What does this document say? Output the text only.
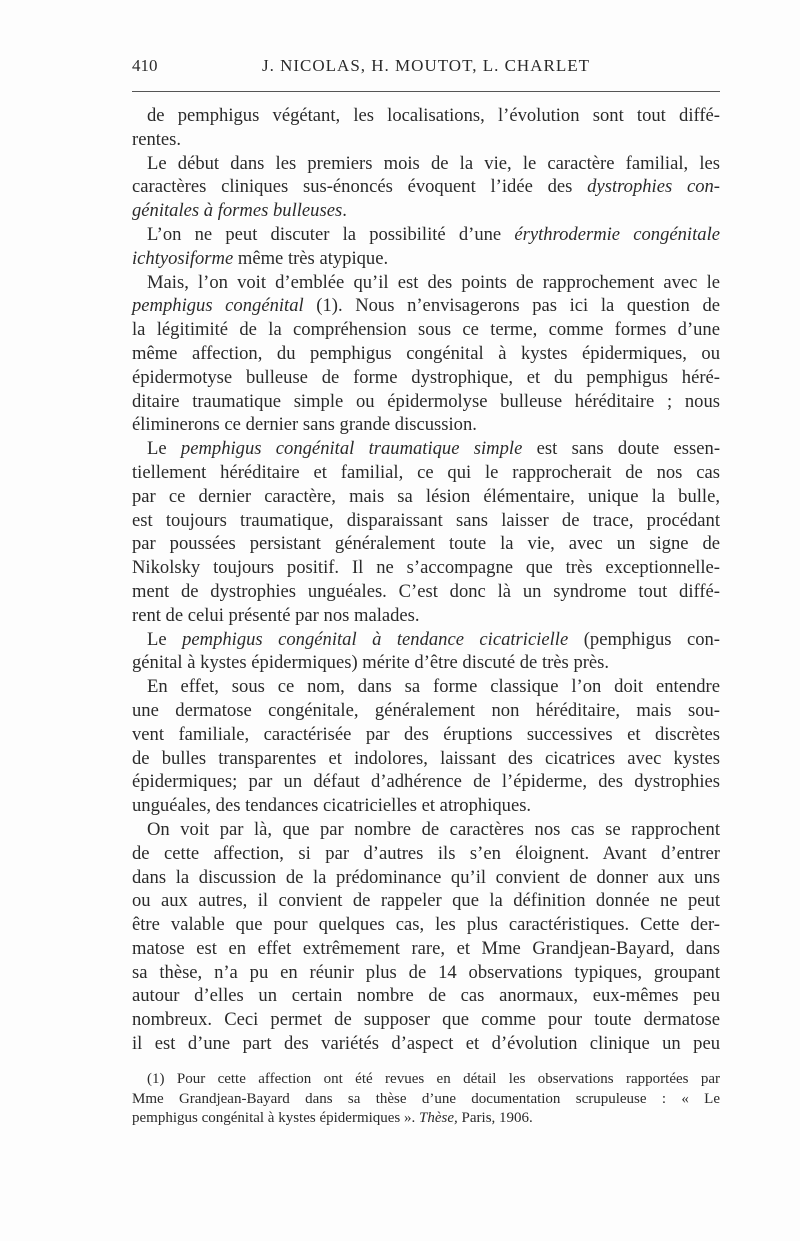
410	J. NICOLAS, H. MOUTOT, L. CHARLET
de pemphigus végétant, les localisations, l’évolution sont tout diffé-
rentes.
Le début dans les premiers mois de la vie, le caractère familial, les
caractères cliniques sus-énoncés évoquent l’idée des dystrophies con-
génitales à formes bulleuses.
L’on ne peut discuter la possibilité d’une érythrodermie congénitale
ichtyosiforme même très atypique.
Mais, l’on voit d’emblée qu’il est des points de rapprochement avec le
pemphigus congénital (1). Nous n’envisagerons pas ici la question de
la légitimité de la compréhension sous ce terme, comme formes d’une
même affection, du pemphigus congénital à kystes épidermiques, ou
épidermotyse bulleuse de forme dystrophique, et du pemphigus héré-
ditaire traumatique simple ou épidermolyse bulleuse héréditaire ; nous
éliminerons ce dernier sans grande discussion.
Le pemphigus congénital traumatique simple est sans doute essen-
tiellement héréditaire et familial, ce qui le rapprocherait de nos cas
par ce dernier caractère, mais sa lésion élémentaire, unique la bulle,
est toujours traumatique, disparaissant sans laisser de trace, procédant
par poussées persistant généralement toute la vie, avec un signe de
Nikolsky toujours positif. Il ne s’accompagne que très exceptionnelle-
ment de dystrophies unguéales. C’est donc là un syndrome tout diffé-
rent de celui présenté par nos malades.
Le pemphigus congénital à tendance cicatricielle (pemphigus con-
génital à kystes épidermiques) mérite d’être discuté de très près.
En effet, sous ce nom, dans sa forme classique l’on doit entendre
une dermatose congénitale, généralement non héréditaire, mais sou-
vent familiale, caractérisée par des éruptions successives et discrètes
de bulles transparentes et indolores, laissant des cicatrices avec kystes
épidermiques; par un défaut d’adhérence de l’épiderme, des dystrophies
unguéales, des tendances cicatricielles et atrophiques.
On voit par là, que par nombre de caractères nos cas se rapprochent
de cette affection, si par d’autres ils s’en éloignent. Avant d’entrer
dans la discussion de la prédominance qu’il convient de donner aux uns
ou aux autres, il convient de rappeler que la définition donnée ne peut
être valable que pour quelques cas, les plus caractéristiques. Cette der-
matose est en effet extrêmement rare, et Mme Grandjean-Bayard, dans
sa thèse, n’a pu en réunir plus de 14 observations typiques, groupant
autour d’elles un certain nombre de cas anormaux, eux-mêmes peu
nombreux. Ceci permet de supposer que comme pour toute dermatose
il est d’une part des variétés d’aspect et d’évolution clinique un peu
(1) Pour cette affection ont été revues en détail les observations rapportées par
Mme Grandjean-Bayard dans sa thèse d’une documentation scrupuleuse : « Le
pemphigus congénital à kystes épidermiques ». Thèse, Paris, 1906.
